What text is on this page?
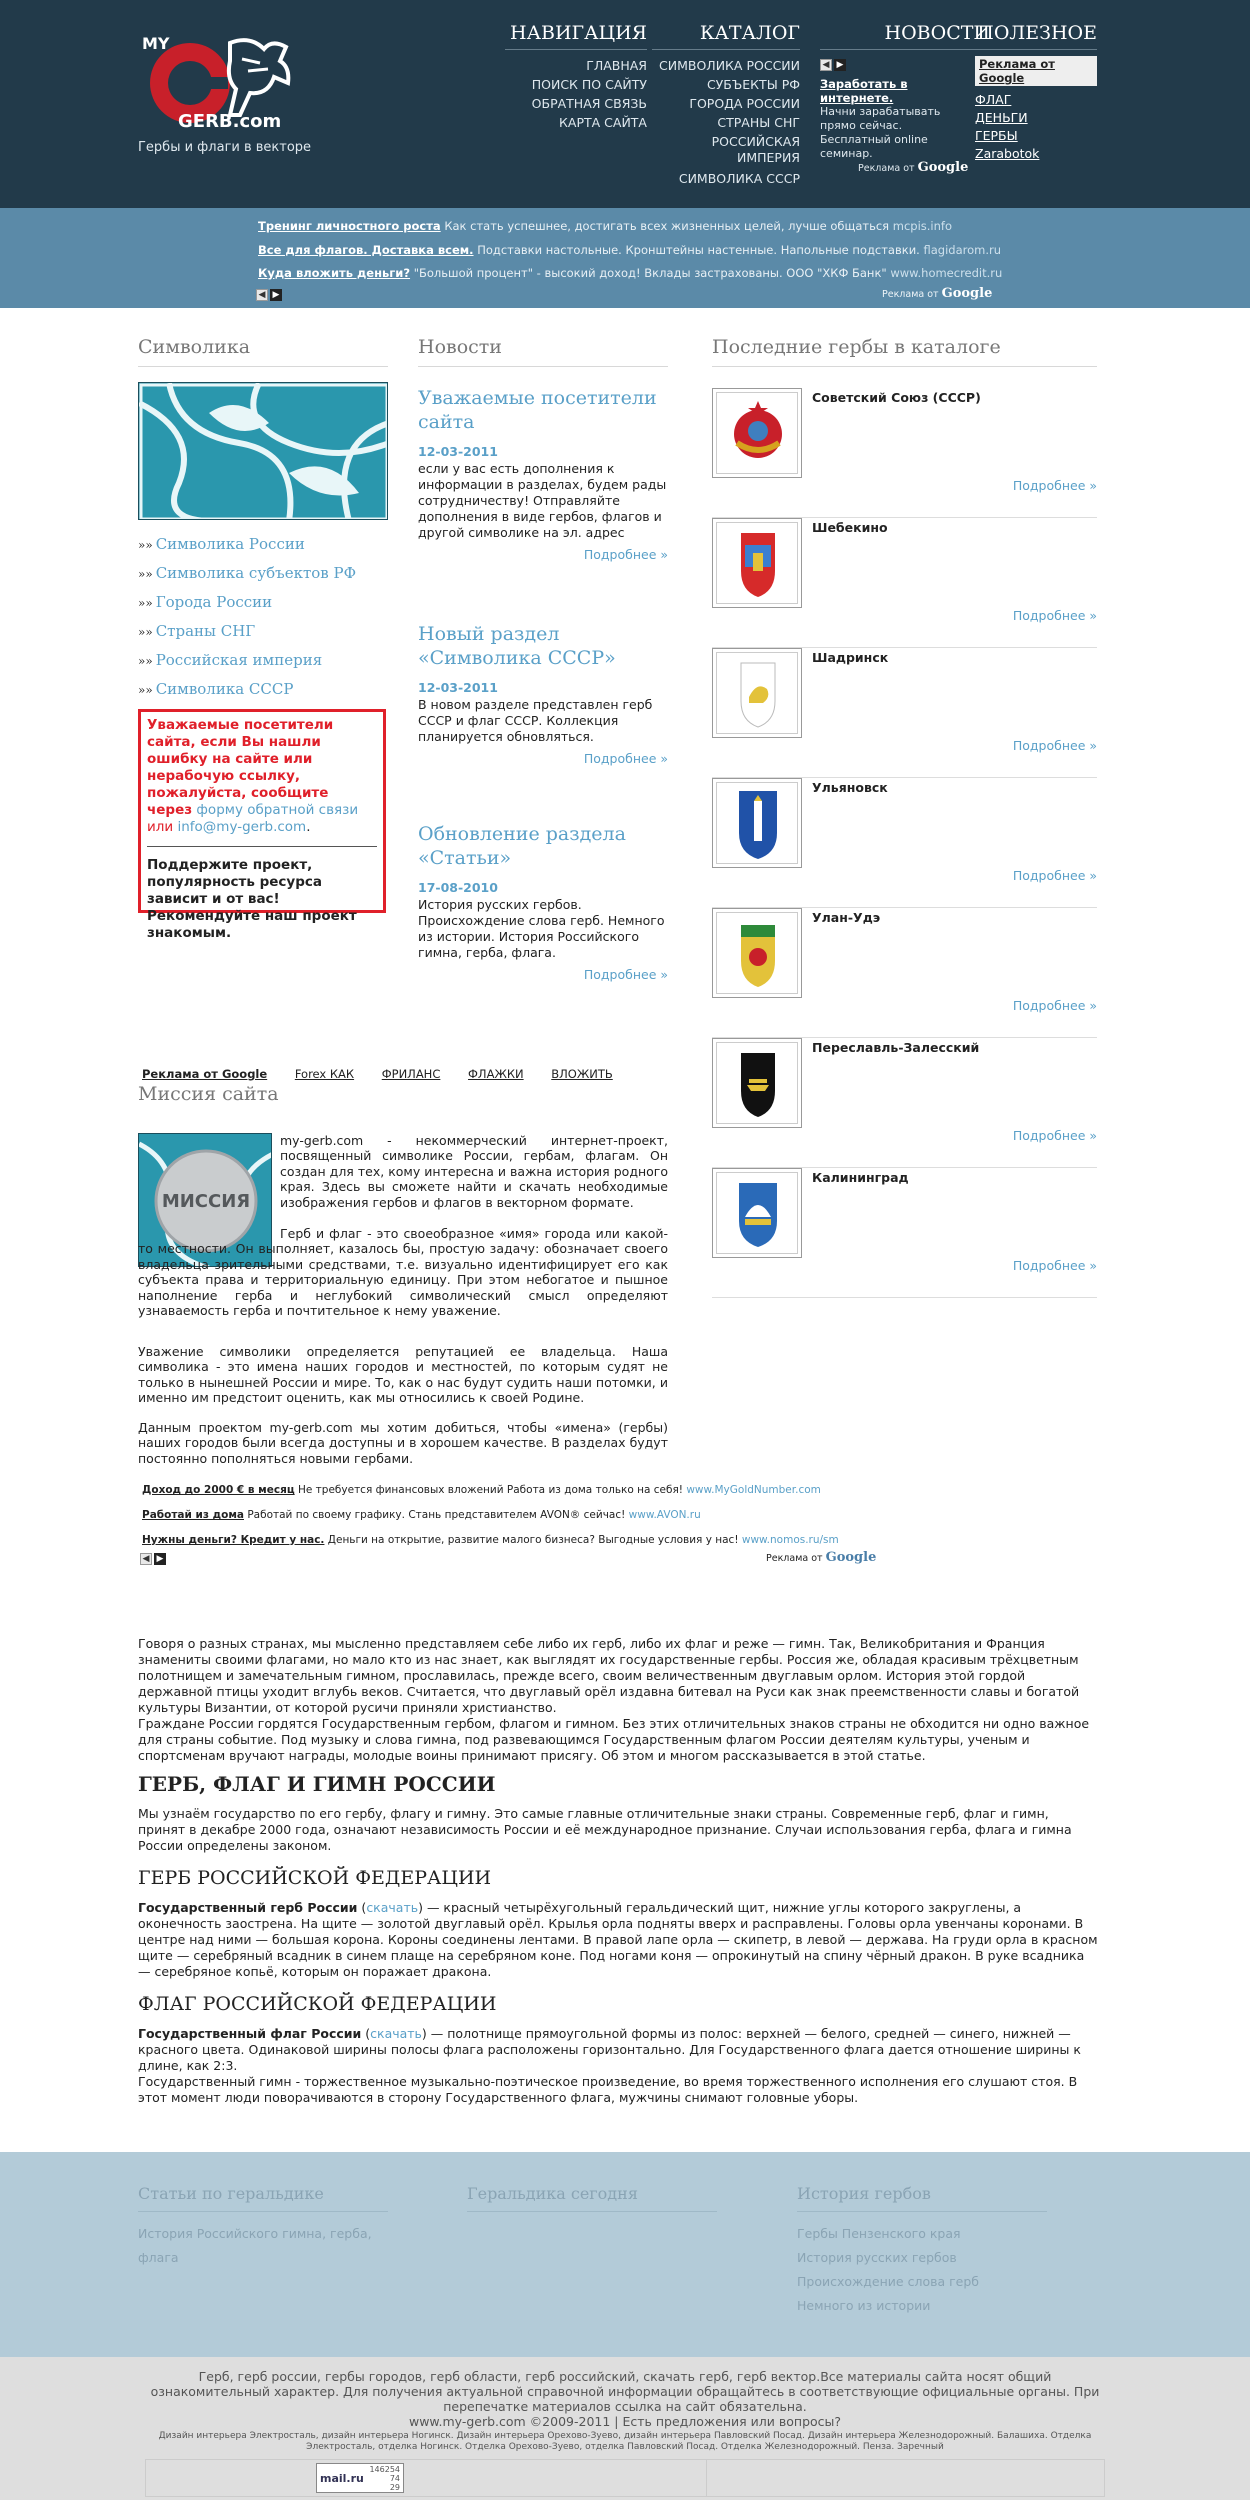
MY
GERB.com
Гербы и флаги в векторе
НАВИГАЦИЯ
ГЛАВНАЯ
ПОИСК ПО САЙТУ
ОБРАТНАЯ СВЯЗЬ
КАРТА САЙТА
КАТАЛОГ
СИМВОЛИКА РОССИИ
СУБЪЕКТЫ РФ
ГОРОДА РОССИИ
СТРАНЫ СНГ
РОССИЙСКАЯ ИМПЕРИЯ
СИМВОЛИКА СССР
НОВОСТИ
◀ ▶
Заработать в интернете.
Начни зарабатывать прямо сейчас. Бесплатный online семинар.
Реклама от Google
ПОЛЕЗНОЕ
Реклама от Google
ФЛАГ
ДЕНЬГИ
ГЕРБЫ
Zarabotok
Тренинг личностного роста Как стать успешнее, достигать всех жизненных целей, лучше общаться mcpis.info
Все для флагов. Доставка всем. Подставки настольные. Кронштейны настенные. Напольные подставки. flagidarom.ru
Куда вложить деньги? "Большой процент" - высокий доход! Вклады застрахованы. ООО "ХКФ Банк" www.homecredit.ru
◀ ▶	Реклама от Google
Символика
»» Символика России
»» Символика субъектов РФ
»» Города России
»» Страны СНГ
»» Российская империя
»» Символика СССР
Уважаемые посетители сайта, если Вы нашли ошибку на сайте или нерабочую ссылку, пожалуйста, сообщите через форму обратной связи или info@my-gerb.com.
Поддержите проект, популярность ресурса зависит и от вас! Рекомендуйте наш проект знакомым.
Новости
Уважаемые посетители сайта
12-03-2011
если у вас есть дополнения к информации в разделах, будем рады сотрудничеству! Отправляйте дополнения в виде гербов, флагов и другой символике на эл. адрес
Подробнее »
Новый раздел «Символика СССР»
12-03-2011
В новом разделе представлен герб СССР и флаг СССР. Коллекция планируется обновляться.
Подробнее »
Обновление раздела «Статьи»
17-08-2010
История русских гербов. Происхождение слова герб. Немного из истории. История Российского гимна, герба, флага.
Подробнее »
Последние гербы в каталоге
Советский Союз (СССР)
Подробнее »
Шебекино
Подробнее »
Шадринск
Подробнее »
Ульяновск
Подробнее »
Улан-Удэ
Подробнее »
Переславль-Залесский
Подробнее »
Калининград
Подробнее »
Реклама от Google Forex КАК ФРИЛАНС ФЛАЖКИ ВЛОЖИТЬ
Миссия сайта
МИССИЯ
my-gerb.com - некоммерческий интернет-проект, посвященный символике России, гербам, флагам. Он создан для тех, кому интересна и важна история родного края. Здесь вы сможете найти и скачать необходимые изображения гербов и флагов в векторном формате.
Герб и флаг - это своеобразное «имя» города или какой-то местности. Он выполняет, казалось бы, простую задачу: обозначает своего владельца зрительными средствами, т.е. визуально идентифицирует его как субъекта права и территориальную единицу. При этом небогатое и пышное наполнение герба и неглубокий символический смысл определяют узнаваемость герба и почтительное к нему уважение.
Уважение символики определяется репутацией ее владельца. Наша символика - это имена наших городов и местностей, по которым судят не только в нынешней России и мире. То, как о нас будут судить наши потомки, и именно им предстоит оценить, как мы относились к своей Родине.
Данным проектом my-gerb.com мы хотим добиться, чтобы «имена» (гербы) наших городов были всегда доступны и в хорошем качестве. В разделах будут постоянно пополняться новыми гербами.
Доход до 2000 € в месяц Не требуется финансовых вложений Работа из дома только на себя! www.MyGoldNumber.com
Работай из дома Работай по своему графику. Стань представителем AVON® сейчас! www.AVON.ru
Нужны деньги? Кредит у нас. Деньги на открытие, развитие малого бизнеса? Выгодные условия у нас! www.nomos.ru/sm
◀ ▶	Реклама от Google

Говоря о разных странах, мы мысленно представляем себе либо их герб, либо их флаг и реже — гимн. Так, Великобритания и Франция знамениты своими флагами, но мало кто из нас знает, как выглядят их государственные гербы. Россия же, обладая красивым трёхцветным полотнищем и замечательным гимном, прославилась, прежде всего, своим величественным двуглавым орлом. История этой гордой державной птицы уходит вглубь веков. Считается, что двуглавый орёл издавна битевал на Руси как знак преемственности славы и богатой культуры Византии, от которой русичи приняли христианство.

Граждане России гордятся Государственным гербом, флагом и гимном. Без этих отличительных знаков страны не обходится ни одно важное для страны событие. Под музыку и слова гимна, под развевающимся Государственным флагом России деятелям культуры, ученым и спортсменам вручают награды, молодые воины принимают присягу. Об этом и многом рассказывается в этой статье.

ГЕРБ, ФЛАГ И ГИМН РОССИИ

Мы узнаём государство по его гербу, флагу и гимну. Это самые главные отличительные знаки страны. Современные герб, флаг и гимн, принят в декабре 2000 года, означают независимость России и её международное признание. Случаи использования герба, флага и гимна России определены законом.

ГЕРБ РОССИЙСКОЙ ФЕДЕРАЦИИ

Государственный герб России (скачать) — красный четырёхугольный геральдический щит, нижние углы которого закруглены, а оконечность заострена. На щите — золотой двуглавый орёл. Крылья орла подняты вверх и расправлены. Головы орла увенчаны коронами. В центре над ними — большая корона. Короны соединены лентами. В правой лапе орла — скипетр, в левой — держава. На груди орла в красном щите — серебряный всадник в синем плаще на серебряном коне. Под ногами коня — опрокинутый на спину чёрный дракон. В руке всадника — серебряное копьё, которым он поражает дракона.

ФЛАГ РОССИЙСКОЙ ФЕДЕРАЦИИ

Государственный флаг России (скачать) — полотнище прямоугольной формы из полос: верхней — белого, средней — синего, нижней — красного цвета. Одинаковой ширины полосы флага расположены горизонтально. Для Государственного флага дается отношение ширины к длине, как 2:3.

Государственный гимн - торжественное музыкально-поэтическое произведение, во время торжественного исполнения его слушают стоя. В этот момент люди поворачиваются в сторону Государственного флага, мужчины снимают головные уборы.

Статьи по геральдике
История Российского гимна, герба, флага
Геральдика сегодня	История гербов
Гербы Пензенского края
История русских гербов
Происхождение слова герб
Немного из истории
Герб, герб россии, гербы городов, герб области, герб российский, скачать герб, герб вектор.Все материалы сайта носят общий ознакомительный характер. Для получения актуальной справочной информации обращайтесь в соответствующие официальные органы. При перепечатке материалов ссылка на сайт обязательна.
www.my-gerb.com ©2009-2011 | Есть предложения или вопросы?
Дизайн интерьера Электросталь, дизайн интерьера Ногинск. Дизайн интерьера Орехово-Зуево, дизайн интерьера Павловский Посад. Дизайн интерьера Железнодорожный. Балашиха. Отделка Электросталь, отделка Ногинск. Отделка Орехово-Зуево, отделка Павловский Посад. Отделка Железнодорожный. Пенза. Заречный
146254
74
29
mail.ru
